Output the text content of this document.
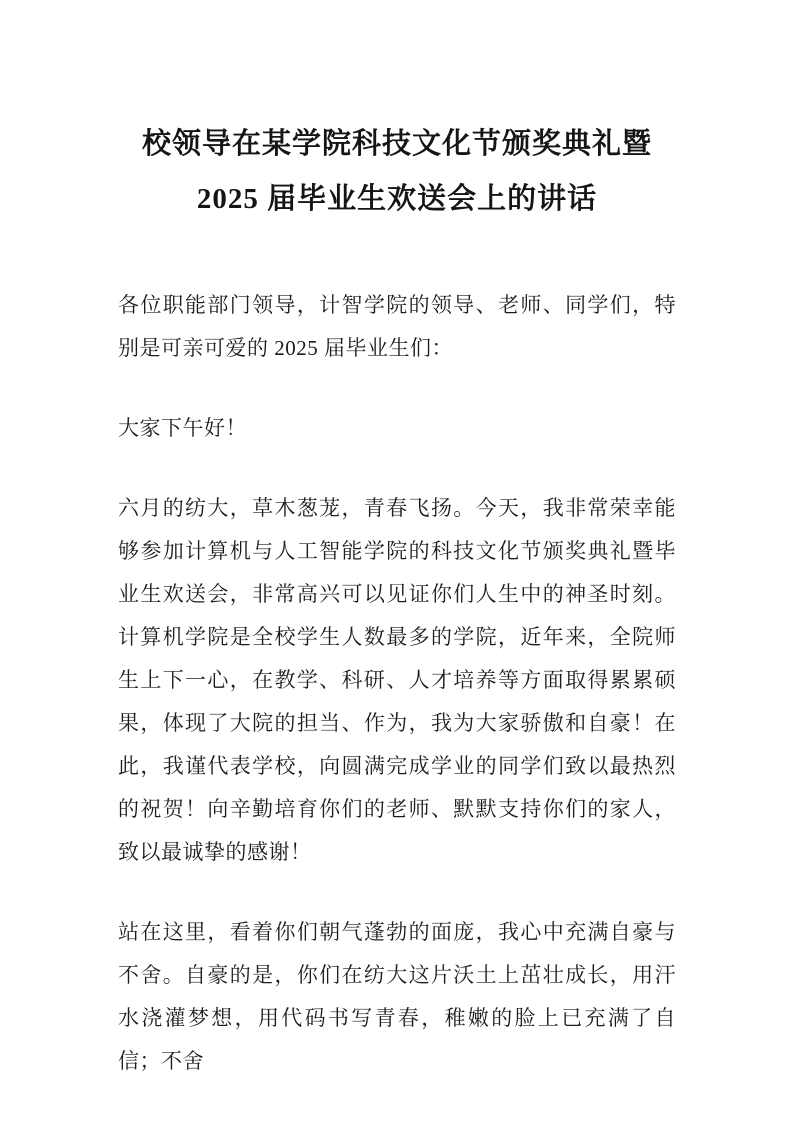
校领导在某学院科技文化节颁奖典礼暨
2025 届毕业生欢送会上的讲话

各位职能部门领导，计智学院的领导、老师、同学们，特别是可亲可爱的 2025 届毕业生们：

大家下午好！

六月的纺大，草木葱茏，青春飞扬。今天，我非常荣幸能够参加计算机与人工智能学院的科技文化节颁奖典礼暨毕业生欢送会，非常高兴可以见证你们人生中的神圣时刻。计算机学院是全校学生人数最多的学院，近年来，全院师生上下一心，在教学、科研、人才培养等方面取得累累硕果，体现了大院的担当、作为，我为大家骄傲和自豪！在此，我谨代表学校，向圆满完成学业的同学们致以最热烈的祝贺！向辛勤培育你们的老师、默默支持你们的家人，致以最诚挚的感谢！

站在这里，看着你们朝气蓬勃的面庞，我心中充满自豪与不舍。自豪的是，你们在纺大这片沃土上茁壮成长，用汗水浇灌梦想，用代码书写青春，稚嫩的脸上已充满了自信；不舍
